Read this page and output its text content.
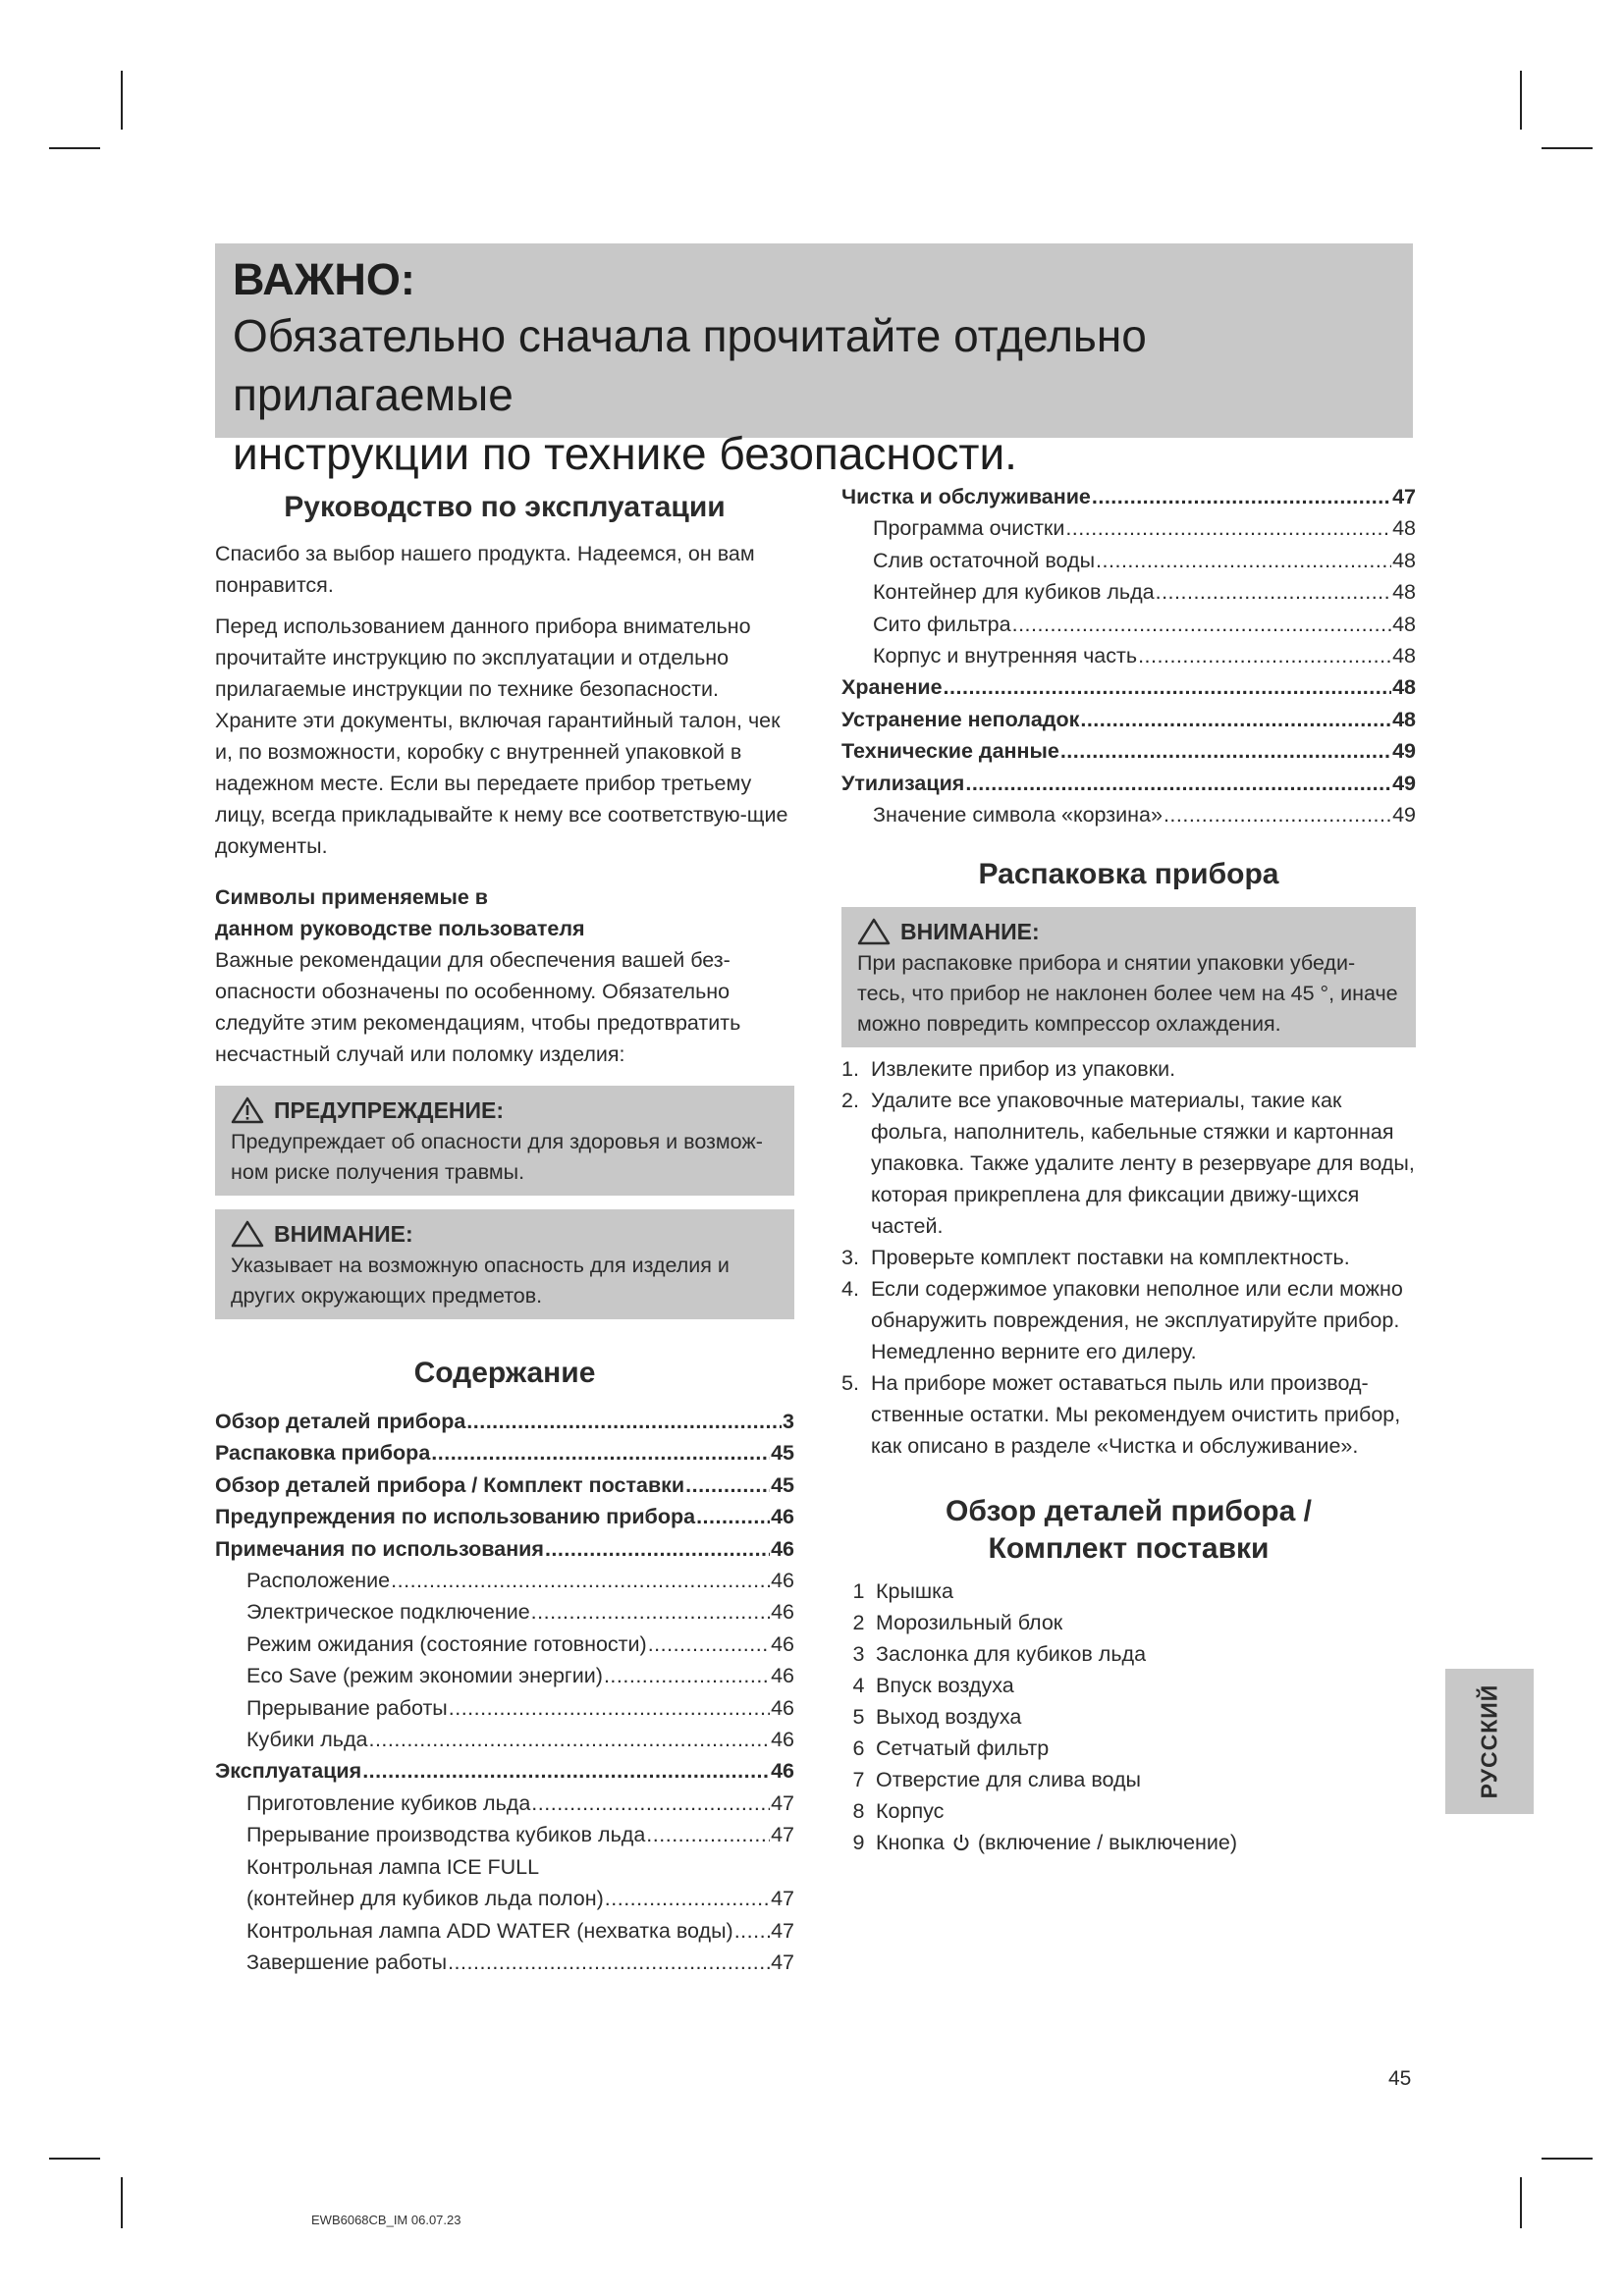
ВАЖНО:
Обязательно сначала прочитайте отдельно прилагаемые
инструкции по технике безопасности.
Руководство по эксплуатации

Спасибо за выбор нашего продукта. Надеемся, он вам понравится.

Перед использованием данного прибора внимательно прочитайте инструкцию по эксплуатации и отдельно прилагаемые инструкции по технике безопасности. Храните эти документы, включая гарантийный талон, чек и, по возможности, коробку с внутренней упаковкой в надежном месте. Если вы передаете прибор третьему лицу, всегда прикладывайте к нему все соответствую-щие документы.

Символы применяемые в
данном руководстве пользователя

Важные рекомендации для обеспечения вашей без-опасности обозначены по особенному. Обязательно следуйте этим рекомендациям, чтобы предотвратить несчастный случай или поломку изделия:

ПРЕДУПРЕЖДЕНИЕ:

Предупреждает об опасности для здоровья и возмож-ном риске получения травмы.

ВНИМАНИЕ:

Указывает на возможную опасность для изделия и других окружающих предметов.

Содержание
Обзор деталей прибора .....	3
Распаковка прибора .....	45
Обзор деталей прибора / Комплект поставки .....	45
Предупреждения по использованию прибора .....	46
Примечания по использования .....	46
Расположение .....	46
Электрическое подключение .....	46
Режим ожидания (состояние готовности) .....	46
Eco Save (режим экономии энергии) .....	46
Прерывание работы .....	46
Кубики льда .....	46
Эксплуатация .....	46
Приготовление кубиков льда .....	47
Прерывание производства кубиков льда .....	47
Контрольная лампа ICE FULL
(контейнер для кубиков льда полон) .....	47
Контрольная лампа ADD WATER (нехватка воды) ..... 47
Завершение работы .....	47
Чистка и обслуживание .....	47
Программа очистки .....	48
Слив остаточной воды .....	48
Контейнер для кубиков льда .....	48
Сито фильтра .....	48
Корпус и внутренняя часть .....	48
Хранение .....	48
Устранение неполадок .....	48
Технические данные .....	49
Утилизация .....	49
Значение символа «корзина» .....	49
Распаковка прибора
ВНИМАНИЕ:

При распаковке прибора и снятии упаковки убеди-тесь, что прибор не наклонен более чем на 45 °, иначе можно повредить компрессор охлаждения.

1. Извлеките прибор из упаковки.
2. Удалите все упаковочные материалы, такие как фольга, наполнитель, кабельные стяжки и картонная упаковка. Также удалите ленту в резервуаре для воды, которая прикреплена для фиксации движу-щихся частей.
3. Проверьте комплект поставки на комплектность.
4. Если содержимое упаковки неполное или если можно обнаружить повреждения, не эксплуатируйте прибор. Немедленно верните его дилеру.
5. На приборе может оставаться пыль или производ-ственные остатки. Мы рекомендуем очистить прибор, как описано в разделе «Чистка и обслуживание».
Обзор деталей прибора /
Комплект поставки
1 Крышка
2 Морозильный блок
3 Заслонка для кубиков льда
4 Впуск воздуха
5 Выход воздуха
6 Сетчатый фильтр
7 Отверстие для слива воды
8 Корпус
9 Кнопка (включение / выключение)
РУССКИЙ
45
EWB6068CB_IM 06.07.23
